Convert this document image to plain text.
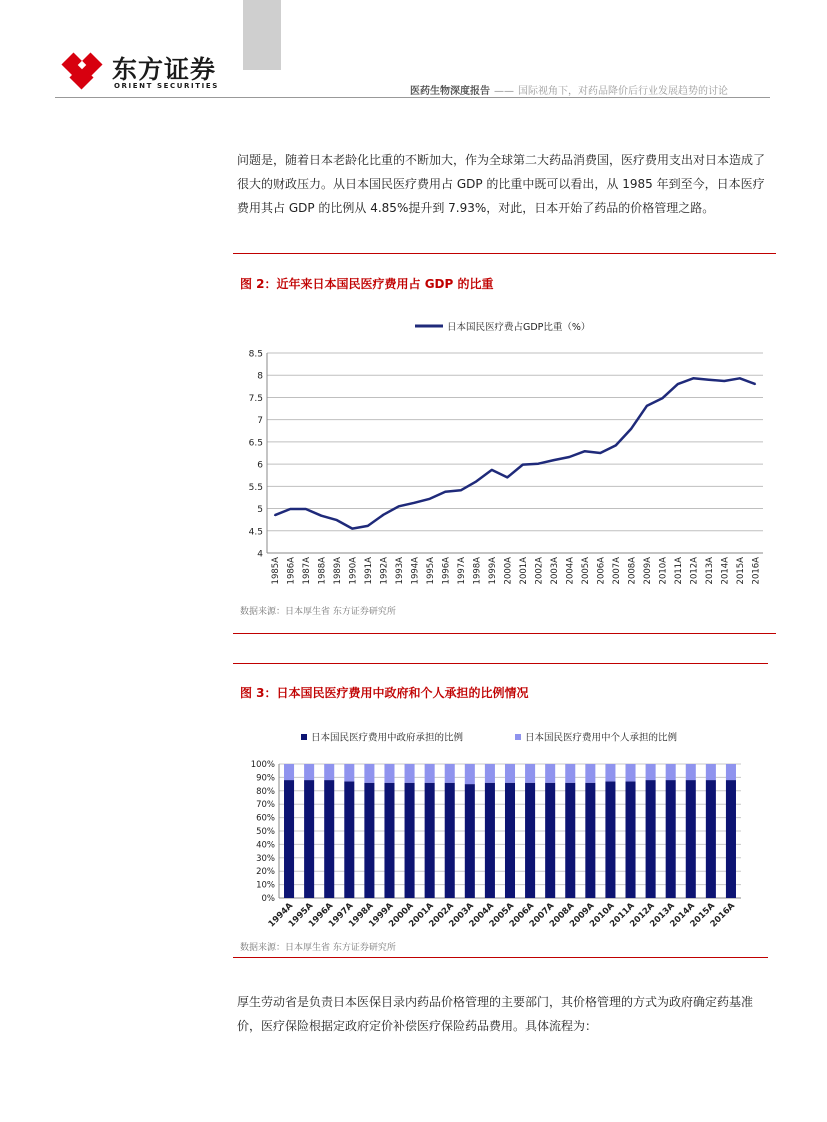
东方证券
ORIENT SECURITIES	医药生物深度报告 —— 国际视角下，对药品降价后行业发展趋势的讨论
问题是，随着日本老龄化比重的不断加大，作为全球第二大药品消费国，医疗费用支出对日本造成了很大的财政压力。从日本国民医疗费用占 GDP 的比重中既可以看出，从 1985 年到至今，日本医疗费用其占 GDP 的比例从 4.85%提升到 7.93%，对此，日本开始了药品的价格管理之路。
图 2：近年来日本国民医疗费用占 GDP 的比重
日本国民医疗费占GDP比重（%）
4
4.5
5
5.5
6
6.5
7
7.5
8
8.5
1985A 1986A 1987A 1988A 1989A 1990A 1991A 1992A 1993A 1994A 1995A 1996A 1997A 1998A 1999A 2000A 2001A 2002A 2003A 2004A 2005A 2006A 2007A 2008A 2009A 2010A 2011A 2012A 2013A 2014A 2015A 2016A
数据来源：日本厚生省 东方证券研究所
图 3：日本国民医疗费用中政府和个人承担的比例情况
日本国民医疗费用中政府承担的比例	日本国民医疗费用中个人承担的比例
0%
10%
20%
30%
40%
50%
60%
70%
80%
90%
100%
1994A
1995A
1996A
1997A
1998A
1999A
2000A
2001A
2002A
2003A
2004A
2005A
2006A
2007A
2008A
2009A
2010A
2011A
2012A
2013A
2014A
2015A
2016A
数据来源：日本厚生省 东方证券研究所
厚生劳动省是负责日本医保目录内药品价格管理的主要部门，其价格管理的方式为政府确定药基准价，医疗保险根据定政府定价补偿医疗保险药品费用。具体流程为：
